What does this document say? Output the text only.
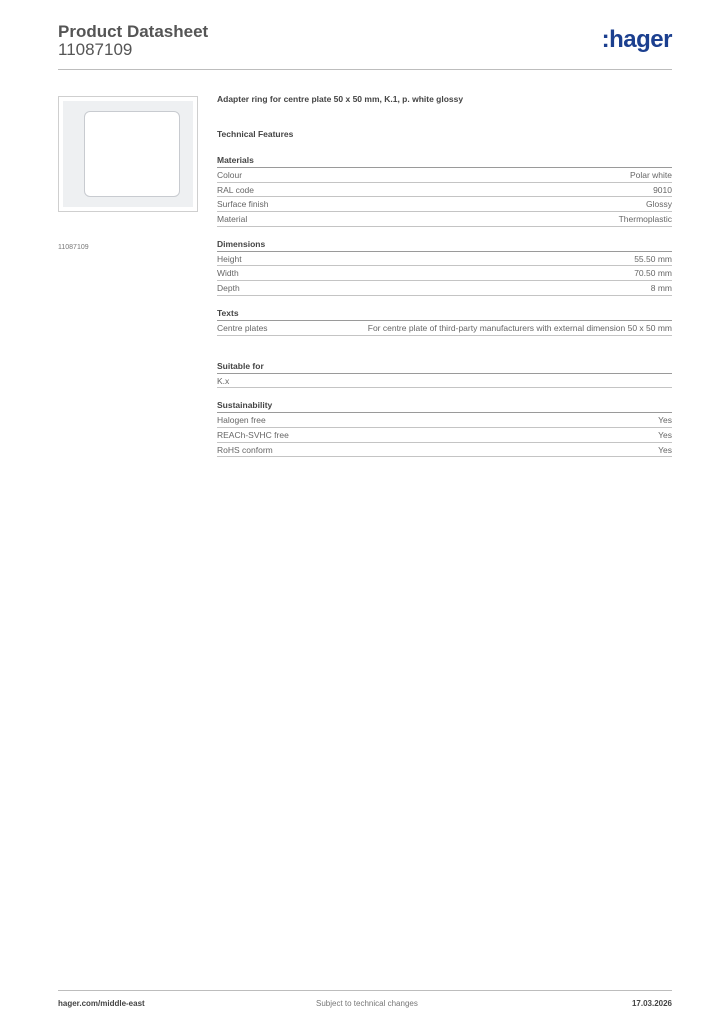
Product Datasheet
11087109	:hager
11087109
Adapter ring for centre plate 50 x 50 mm, K.1, p. white glossy
Technical Features
Materials
Colour	Polar white
RAL code	9010
Surface finish	Glossy
Material	Thermoplastic
Dimensions
Height	55.50 mm
Width	70.50 mm
Depth	8 mm
Texts
Centre plates	For centre plate of third-party manufacturers with external dimension 50 x 50 mm
Suitable for
K.x
Sustainability
Halogen free	Yes
REACh-SVHC free	Yes
RoHS conform	Yes
hager.com/middle-east	Subject to technical changes	17.03.2026
